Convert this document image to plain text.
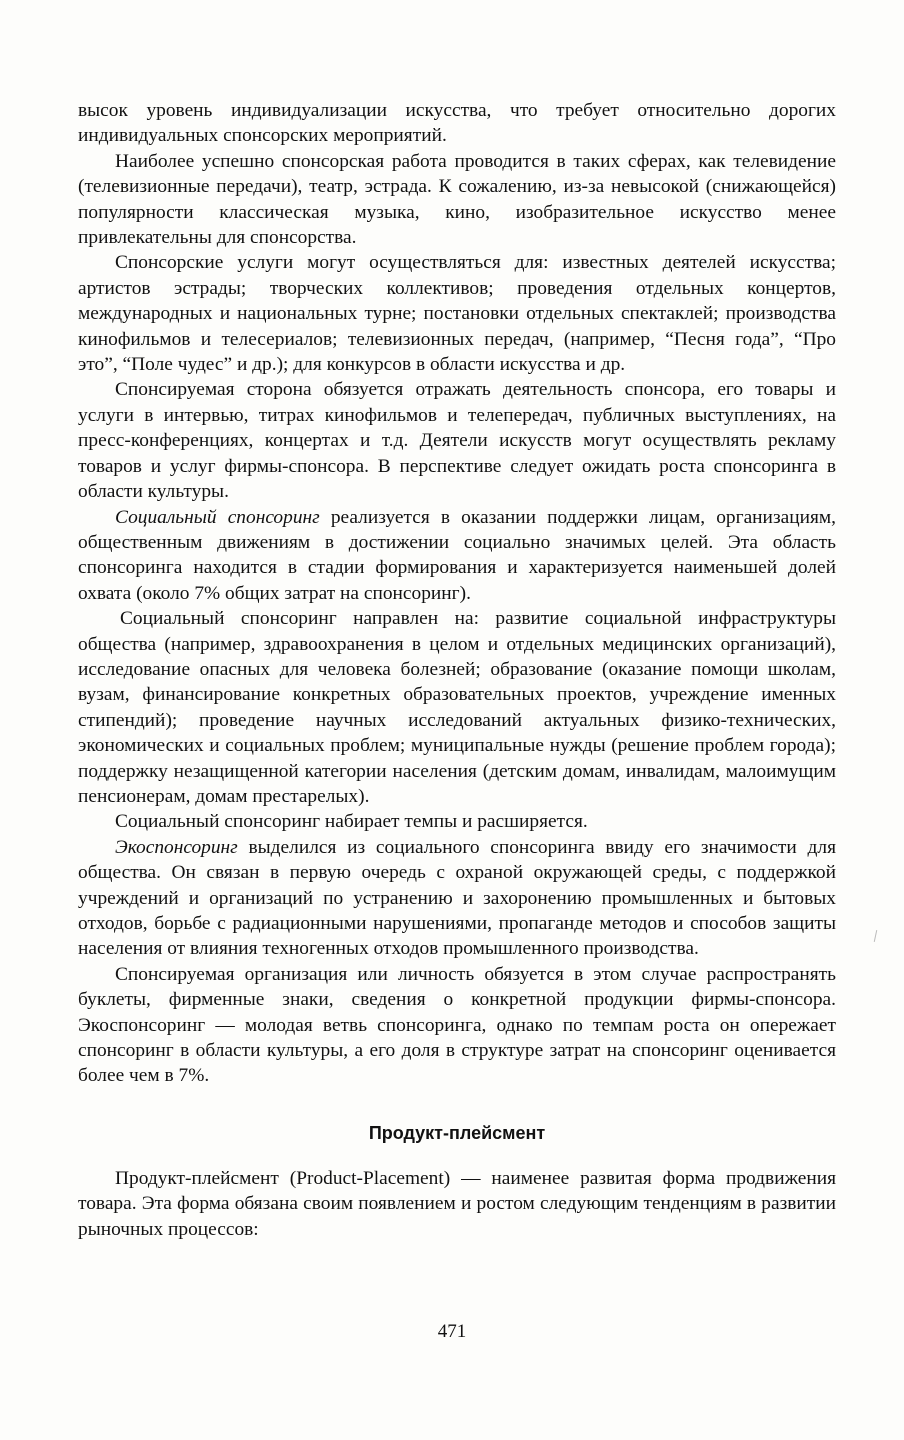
высок уровень индивидуализации искусства, что требует относительно дорогих индивидуальных спонсорских мероприятий.

Наиболее успешно спонсорская работа проводится в таких сферах, как телевидение (телевизионные передачи), театр, эстрада. К сожалению, из-за невысокой (снижающейся) популярности классическая музыка, кино, изобразительное искусство менее привлекательны для спонсорства.

Спонсорские услуги могут осуществляться для: известных деятелей искусства; артистов эстрады; творческих коллективов; проведения отдельных концертов, международных и национальных турне; постановки отдельных спектаклей; производства кинофильмов и телесериалов; телевизионных передач, (например, “Песня года”, “Про это”, “Поле чудес” и др.); для конкурсов в области искусства и др.

Спонсируемая сторона обязуется отражать деятельность спонсора, его товары и услуги в интервью, титрах кинофильмов и телепередач, публичных выступлениях, на пресс-конференциях, концертах и т.д. Деятели искусств могут осуществлять рекламу товаров и услуг фирмы-спонсора. В перспективе следует ожидать роста спонсоринга в области культуры.

Социальный спонсоринг реализуется в оказании поддержки лицам, организациям, общественным движениям в достижении социально значимых целей. Эта область спонсоринга находится в стадии формирования и характеризуется наименьшей долей охвата (около 7% общих затрат на спонсоринг).

Социальный спонсоринг направлен на: развитие социальной инфраструктуры общества (например, здравоохранения в целом и отдельных медицинских организаций), исследование опасных для человека болезней; образование (оказание помощи школам, вузам, финансирование конкретных образовательных проектов, учреждение именных стипендий); проведение научных исследований актуальных физико-технических, экономических и социальных проблем; муниципальные нужды (решение проблем города); поддержку незащищенной категории населения (детским домам, инвалидам, малоимущим пенсионерам, домам престарелых).

Социальный спонсоринг набирает темпы и расширяется.

Экоспонсоринг выделился из социального спонсоринга ввиду его значимости для общества. Он связан в первую очередь с охраной окружающей среды, с поддержкой учреждений и организаций по устранению и захоронению промышленных и бытовых отходов, борьбе с радиационными нарушениями, пропаганде методов и способов защиты населения от влияния техногенных отходов промышленного производства.

Спонсируемая организация или личность обязуется в этом случае распространять буклеты, фирменные знаки, сведения о конкретной продукции фирмы-спонсора. Экоспонсоринг — молодая ветвь спонсоринга, однако по темпам роста он опережает спонсоринг в области культуры, а его доля в структуре затрат на спонсоринг оценивается более чем в 7%.

Продукт-плейсмент

Продукт-плейсмент (Product-Placement) — наименее развитая форма продвижения товара. Эта форма обязана своим появлением и ростом следующим тенденциям в развитии рыночных процессов:

471
